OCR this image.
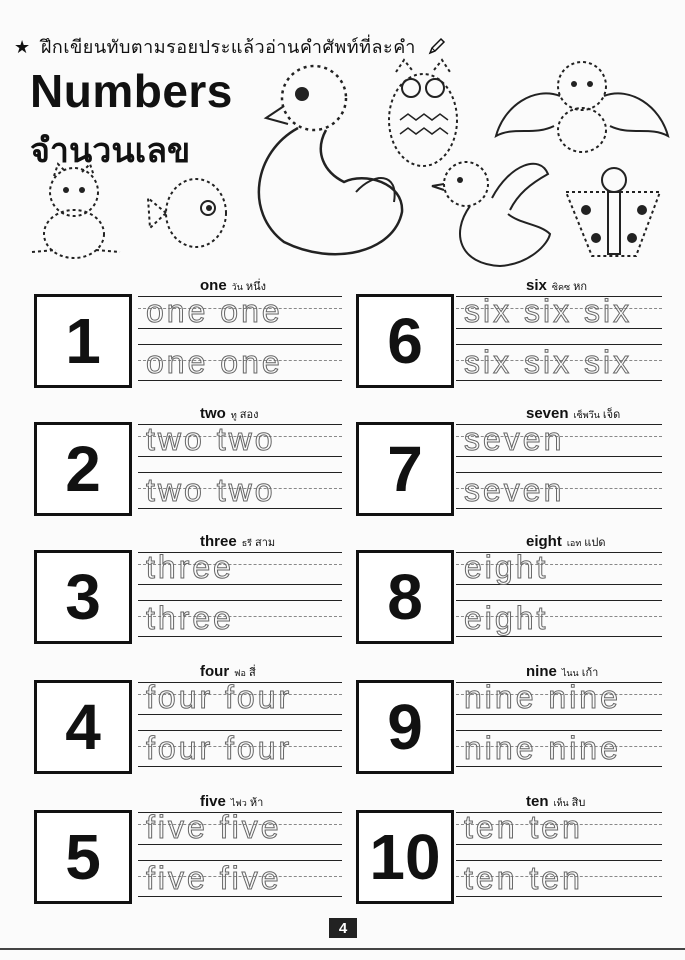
★ ฝึกเขียนทับตามรอยประแล้วอ่านคำศัพท์ที่ละคำ
Numbers
จำนวนเลข
1
one วัน หนึ่ง
one one
one one
2
two ทู สอง
two two
two two
3
three ธรี สาม
three
three
4
four ฟอ สี่
four four
four four
5
five ไฟว ห้า
five five
five five
6
six ซิคซ หก
six six six
six six six
7
seven เซ็พวึน เจ็ด
seven
seven
8
eight เอท แปด
eight
eight
9
nine ไนน เก้า
nine nine
nine nine
10
ten เท็น สิบ
ten ten
ten ten
4
